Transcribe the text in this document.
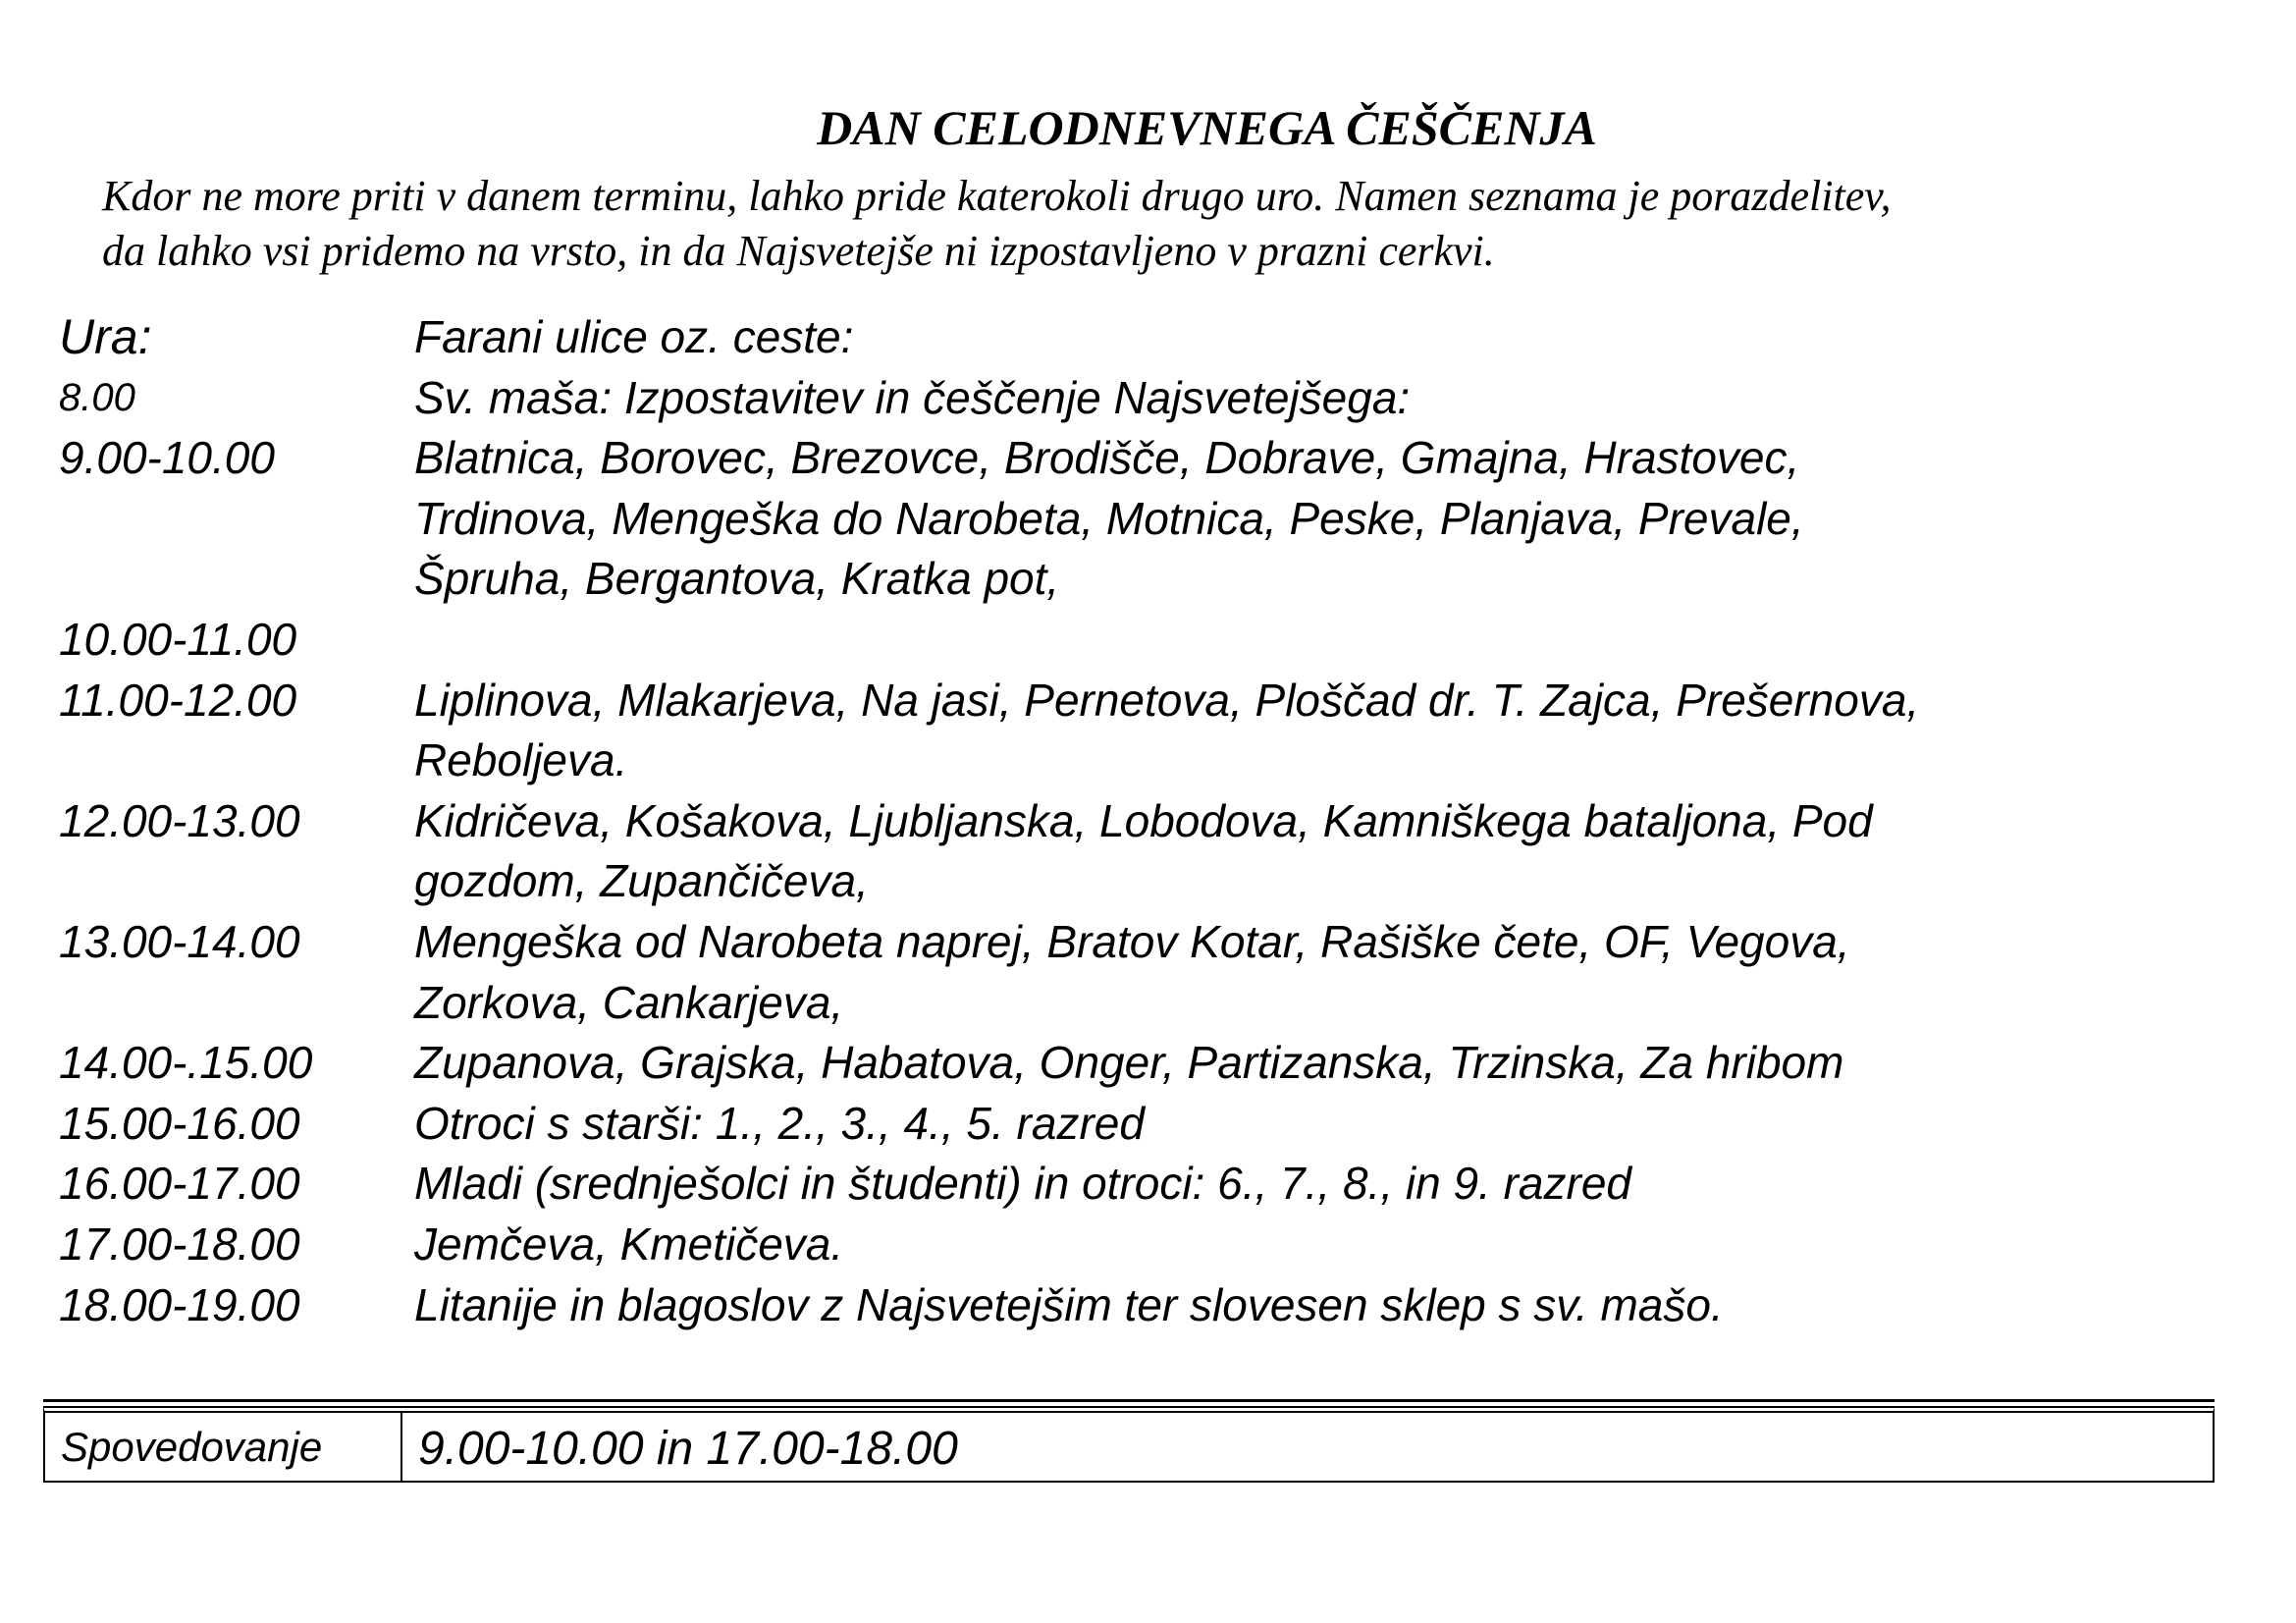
DAN CELODNEVNEGA ČEŠČENJA

Kdor ne more priti v danem terminu, lahko pride katerokoli drugo uro. Namen seznama je porazdelitev,

da lahko vsi pridemo na vrsto, in da Najsvetejše ni izpostavljeno v prazni cerkvi.

Ura:	Farani ulice oz. ceste:
8.00	Sv. maša: Izpostavitev in češčenje Najsvetejšega:
9.00-10.00	Blatnica, Borovec, Brezovce, Brodišče, Dobrave, Gmajna, Hrastovec,
Trdinova, Mengeška do Narobeta, Motnica, Peske, Planjava, Prevale,
Špruha, Bergantova, Kratka pot,
10.00-11.00

11.00-12.00	Liplinova, Mlakarjeva, Na jasi, Pernetova, Ploščad dr. T. Zajca, Prešernova,
Reboljeva.
12.00-13.00	Kidričeva, Košakova, Ljubljanska, Lobodova, Kamniškega bataljona, Pod
gozdom, Zupančičeva,
13.00-14.00	Mengeška od Narobeta naprej, Bratov Kotar, Rašiške čete, OF, Vegova,
Zorkova, Cankarjeva,
14.00-.15.00	Zupanova, Grajska, Habatova, Onger, Partizanska, Trzinska, Za hribom
15.00-16.00	Otroci s starši: 1., 2., 3., 4., 5. razred
16.00-17.00	Mladi (srednješolci in študenti) in otroci: 6., 7., 8., in 9. razred
17.00-18.00	Jemčeva, Kmetičeva.
18.00-19.00	Litanije in blagoslov z Najsvetejšim ter slovesen sklep s sv. mašo.
Spovedovanje 9.00-10.00 in 17.00-18.00
